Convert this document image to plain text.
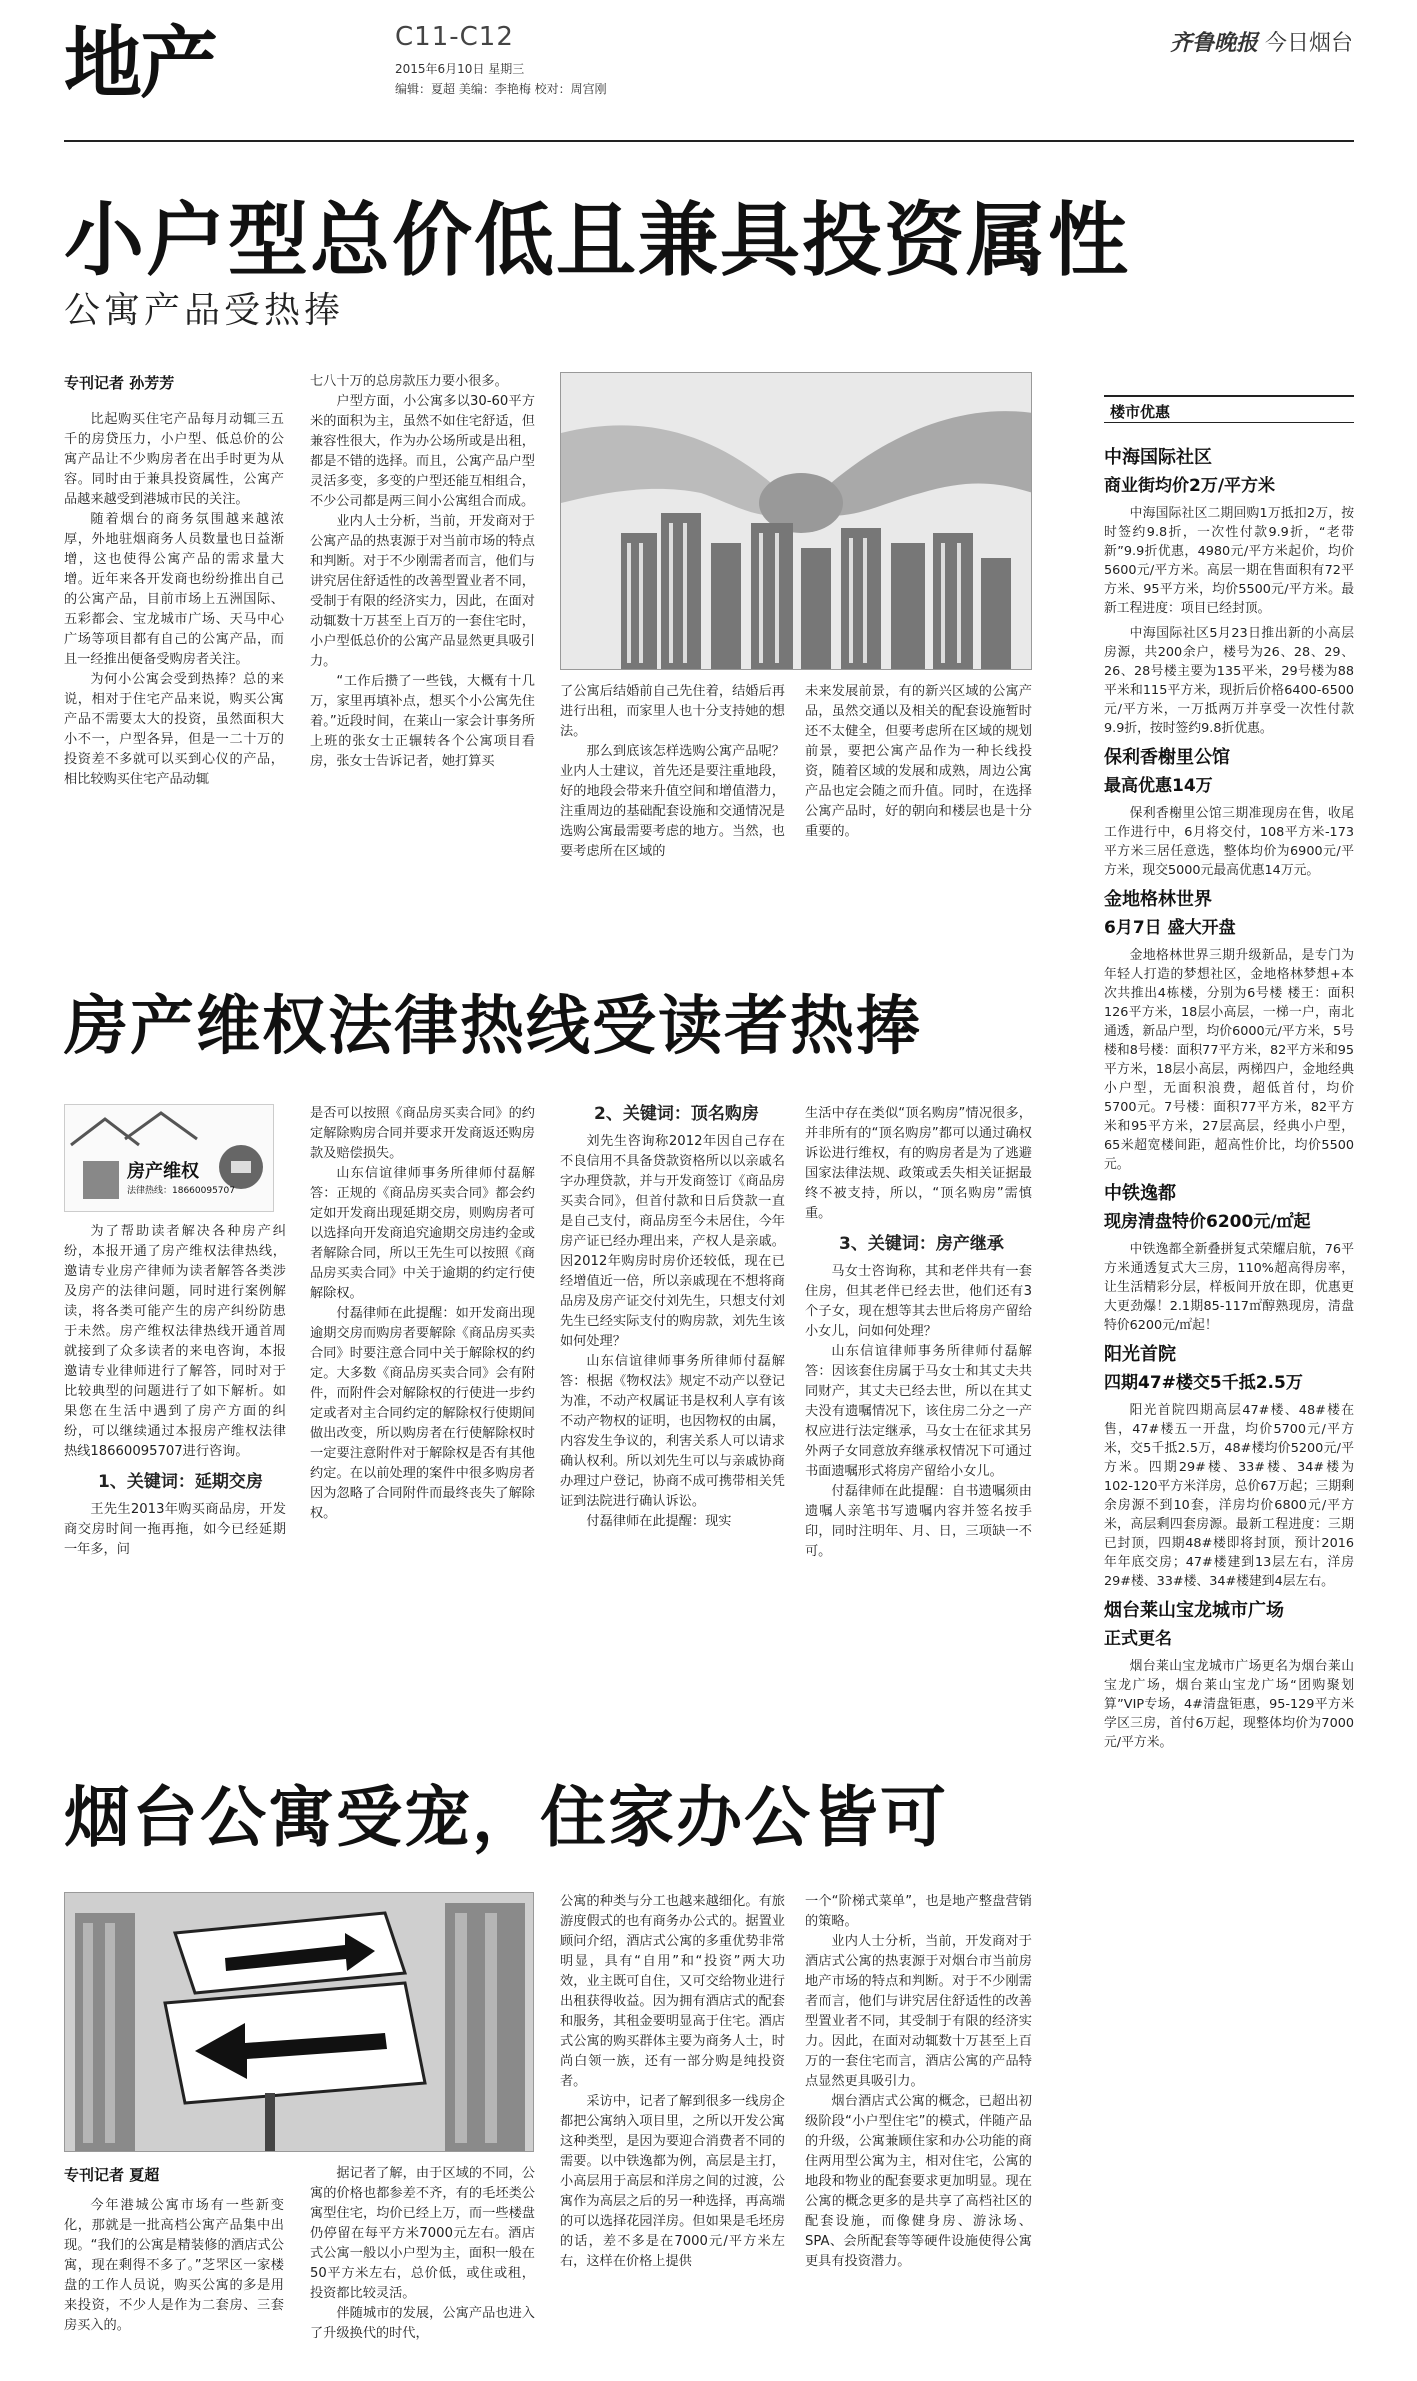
地产	C11-C12
2015年6月10日 星期三
编辑：夏超 美编：李艳梅 校对：周宫刚
齐鲁晚报 今日烟台
小户型总价低且兼具投资属性
公寓产品受热捧
专刊记者 孙芳芳

比起购买住宅产品每月动辄三五千的房贷压力，小户型、低总价的公寓产品让不少购房者在出手时更为从容。同时由于兼具投资属性，公寓产品越来越受到港城市民的关注。

随着烟台的商务氛围越来越浓厚，外地驻烟商务人员数量也日益渐增，这也使得公寓产品的需求量大增。近年来各开发商也纷纷推出自己的公寓产品，目前市场上五洲国际、五彩都会、宝龙城市广场、天马中心广场等项目都有自己的公寓产品，而且一经推出便备受购房者关注。

为何小公寓会受到热捧？总的来说，相对于住宅产品来说，购买公寓产品不需要太大的投资，虽然面积大小不一，户型各异，但是一二十万的投资差不多就可以买到心仪的产品，相比较购买住宅产品动辄

七八十万的总房款压力要小很多。

户型方面，小公寓多以30-60平方米的面积为主，虽然不如住宅舒适，但兼容性很大，作为办公场所或是出租，都是不错的选择。而且，公寓产品户型灵活多变，多变的户型还能互相组合，不少公司都是两三间小公寓组合而成。

业内人士分析，当前，开发商对于公寓产品的热衷源于对当前市场的特点和判断。对于不少刚需者而言，他们与讲究居住舒适性的改善型置业者不同，受制于有限的经济实力，因此，在面对动辄数十万甚至上百万的一套住宅时，小户型低总价的公寓产品显然更具吸引力。

“工作后攒了一些钱，大概有十几万，家里再填补点，想买个小公寓先住着。”近段时间，在莱山一家会计事务所上班的张女士正辗转各个公寓项目看房，张女士告诉记者，她打算买

了公寓后结婚前自己先住着，结婚后再进行出租，而家里人也十分支持她的想法。

那么到底该怎样选购公寓产品呢？业内人士建议，首先还是要注重地段，好的地段会带来升值空间和增值潜力，注重周边的基础配套设施和交通情况是选购公寓最需要考虑的地方。当然，也要考虑所在区域的

未来发展前景，有的新兴区域的公寓产品，虽然交通以及相关的配套设施暂时还不太健全，但要考虑所在区域的规划前景，要把公寓产品作为一种长线投资，随着区域的发展和成熟，周边公寓产品也定会随之而升值。同时，在选择公寓产品时，好的朝向和楼层也是十分重要的。

房产维权法律热线受读者热捧
房产维权
法律热线：18660095707

为了帮助读者解决各种房产纠纷，本报开通了房产维权法律热线，邀请专业房产律师为读者解答各类涉及房产的法律问题，同时进行案例解读，将各类可能产生的房产纠纷防患于未然。房产维权法律热线开通首周就接到了众多读者的来电咨询，本报邀请专业律师进行了解答，同时对于比较典型的问题进行了如下解析。如果您在生活中遇到了房产方面的纠纷，可以继续通过本报房产维权法律热线18660095707进行咨询。

1、关键词：延期交房

王先生2013年购买商品房，开发商交房时间一拖再拖，如今已经延期一年多，问

是否可以按照《商品房买卖合同》的约定解除购房合同并要求开发商返还购房款及赔偿损失。

山东信谊律师事务所律师付磊解答：正规的《商品房买卖合同》都会约定如开发商出现延期交房，则购房者可以选择向开发商追究逾期交房违约金或者解除合同，所以王先生可以按照《商品房买卖合同》中关于逾期的约定行使解除权。

付磊律师在此提醒：如开发商出现逾期交房而购房者要解除《商品房买卖合同》时要注意合同中关于解除权的约定。大多数《商品房买卖合同》会有附件，而附件会对解除权的行使进一步约定或者对主合同约定的解除权行使期间做出改变，所以购房者在行使解除权时一定要注意附件对于解除权是否有其他约定。在以前处理的案件中很多购房者因为忽略了合同附件而最终丧失了解除权。

2、关键词：顶名购房

刘先生咨询称2012年因自己存在不良信用不具备贷款资格所以以亲戚名字办理贷款，并与开发商签订《商品房买卖合同》，但首付款和日后贷款一直是自己支付，商品房至今未居住，今年房产证已经办理出来，产权人是亲戚。因2012年购房时房价还较低，现在已经增值近一倍，所以亲戚现在不想将商品房及房产证交付刘先生，只想支付刘先生已经实际支付的购房款，刘先生该如何处理？

山东信谊律师事务所律师付磊解答：根据《物权法》规定不动产以登记为准，不动产权属证书是权利人享有该不动产物权的证明，也因物权的由属，内容发生争议的，利害关系人可以请求确认权利。所以刘先生可以与亲戚协商办理过户登记，协商不成可携带相关凭证到法院进行确认诉讼。

付磊律师在此提醒：现实

生活中存在类似“顶名购房”情况很多，并非所有的“顶名购房”都可以通过确权诉讼进行维权，有的购房者是为了逃避国家法律法规、政策或丢失相关证据最终不被支持，所以，“顶名购房”需慎重。

3、关键词：房产继承

马女士咨询称，其和老伴共有一套住房，但其老伴已经去世，他们还有3个子女，现在想等其去世后将房产留给小女儿，问如何处理？

山东信谊律师事务所律师付磊解答：因该套住房属于马女士和其丈夫共同财产，其丈夫已经去世，所以在其丈夫没有遗嘱情况下，该住房二分之一产权应进行法定继承，马女士在征求其另外两子女同意放弃继承权情况下可通过书面遗嘱形式将房产留给小女儿。

付磊律师在此提醒：自书遗嘱须由遗嘱人亲笔书写遗嘱内容并签名按手印，同时注明年、月、日，三项缺一不可。

烟台公寓受宠，住家办公皆可
专刊记者 夏超

今年港城公寓市场有一些新变化，那就是一批高档公寓产品集中出现。“我们的公寓是精装修的酒店式公寓，现在剩得不多了。”芝罘区一家楼盘的工作人员说，购买公寓的多是用来投资，不少人是作为二套房、三套房买入的。

据记者了解，由于区域的不同，公寓的价格也都参差不齐，有的毛坯类公寓型住宅，均价已经上万，而一些楼盘仍停留在每平方米7000元左右。酒店式公寓一般以小户型为主，面积一般在50平方米左右，总价低，或住或租，投资都比较灵活。

伴随城市的发展，公寓产品也进入了升级换代的时代，

公寓的种类与分工也越来越细化。有旅游度假式的也有商务办公式的。据置业顾问介绍，酒店式公寓的多重优势非常明显，具有“自用”和“投资”两大功效，业主既可自住，又可交给物业进行出租获得收益。因为拥有酒店式的配套和服务，其租金要明显高于住宅。酒店式公寓的购买群体主要为商务人士，时尚白领一族，还有一部分购是纯投资者。

采访中，记者了解到很多一线房企都把公寓纳入项目里，之所以开发公寓这种类型，是因为要迎合消费者不同的需要。以中铁逸都为例，高层是主打，小高层用于高层和洋房之间的过渡，公寓作为高层之后的另一种选择，再高端的可以选择花园洋房。但如果是毛坯房的话，差不多是在7000元/平方米左右，这样在价格上提供

一个“阶梯式菜单”，也是地产整盘营销的策略。

业内人士分析，当前，开发商对于酒店式公寓的热衷源于对烟台市当前房地产市场的特点和判断。对于不少刚需者而言，他们与讲究居住舒适性的改善型置业者不同，其受制于有限的经济实力。因此，在面对动辄数十万甚至上百万的一套住宅而言，酒店公寓的产品特点显然更具吸引力。

烟台酒店式公寓的概念，已超出初级阶段“小户型住宅”的模式，伴随产品的升级，公寓兼顾住家和办公功能的商住两用型公寓为主，相对住宅，公寓的地段和物业的配套要求更加明显。现在公寓的概念更多的是共享了高档社区的配套设施，而像健身房、游泳场、SPA、会所配套等等硬件设施使得公寓更具有投资潜力。

楼市优惠
中海国际社区
商业街均价2万/平方米

中海国际社区二期回购1万抵扣2万，按时签约9.8折，一次性付款9.9折，“老带新”9.9折优惠，4980元/平方米起价，均价5600元/平方米。高层一期在售面积有72平方米、95平方米，均价5500元/平方米。最新工程进度：项目已经封顶。

中海国际社区5月23日推出新的小高层房源，共200余户，楼号为26、28、29、26、28号楼主要为135平米，29号楼为88平米和115平方米，现折后价格6400-6500元/平方米，一万抵两万并享受一次性付款9.9折，按时签约9.8折优惠。

保利香榭里公馆
最高优惠14万

保利香榭里公馆三期准现房在售，收尾工作进行中，6月将交付，108平方米-173平方米三居任意选，整体均价为6900元/平方米，现交5000元最高优惠14万元。

金地格林世界
6月7日 盛大开盘

金地格林世界三期升级新品，是专门为年轻人打造的梦想社区，金地格林梦想+本次共推出4栋楼，分别为6号楼 楼王：面积126平方米，18层小高层，一梯一户，南北通透，新品户型，均价6000元/平方米，5号楼和8号楼：面积77平方米，82平方米和95平方米，18层小高层，两梯四户，金地经典小户型，无面积浪费，超低首付，均价5700元。7号楼：面积77平方米，82平方米和95平方米，27层高层，经典小户型，65米超宽楼间距，超高性价比，均价5500元。

中铁逸都
现房清盘特价6200元/㎡起

中铁逸都全新叠拼复式荣耀启航，76平方米通透复式大三房，110%超高得房率，让生活精彩分层，样板间开放在即，优惠更大更劲爆！2.1期85-117㎡醇熟现房，清盘特价6200元/㎡起！

阳光首院
四期47#楼交5千抵2.5万

阳光首院四期高层47#楼、48#楼在售，47#楼五一开盘，均价5700元/平方米，交5千抵2.5万，48#楼均价5200元/平方米。四期29#楼、33#楼、34#楼为102-120平方米洋房，总价67万起；三期剩余房源不到10套，洋房均价6800元/平方米，高层剩四套房源。最新工程进度：三期已封顶，四期48#楼即将封顶，预计2016年年底交房；47#楼建到13层左右，洋房29#楼、33#楼、34#楼建到4层左右。

烟台莱山宝龙城市广场
正式更名

烟台莱山宝龙城市广场更名为烟台莱山宝龙广场，烟台莱山宝龙广场“团购聚划算”VIP专场，4#清盘钜惠，95-129平方米学区三房，首付6万起，现整体均价为7000元/平方米。
